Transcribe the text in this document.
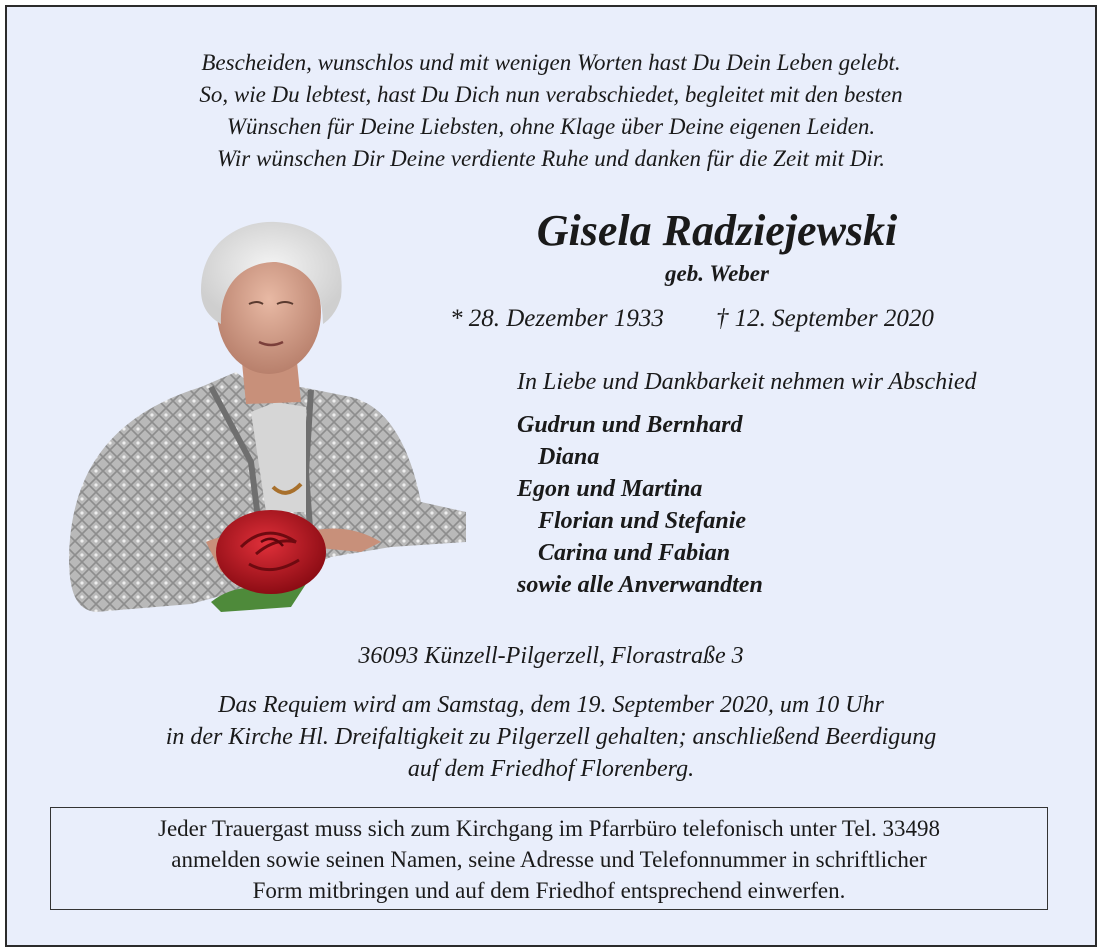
Bescheiden, wunschlos und mit wenigen Worten hast Du Dein Leben gelebt.
So, wie Du lebtest, hast Du Dich nun verabschiedet, begleitet mit den besten
Wünschen für Deine Liebsten, ohne Klage über Deine eigenen Leiden.
Wir wünschen Dir Deine verdiente Ruhe und danken für die Zeit mit Dir.
Gisela Radziejewski
geb. Weber
* 28. Dezember 1933 † 12. September 2020
In Liebe und Dankbarkeit nehmen wir Abschied
Gudrun und Bernhard
Diana
Egon und Martina
Florian und Stefanie
Carina und Fabian
sowie alle Anverwandten
36093 Künzell-Pilgerzell, Florastraße 3
Das Requiem wird am Samstag, dem 19. September 2020, um 10 Uhr
in der Kirche Hl. Dreifaltigkeit zu Pilgerzell gehalten; anschließend Beerdigung
auf dem Friedhof Florenberg.
Jeder Trauergast muss sich zum Kirchgang im Pfarrbüro telefonisch unter Tel. 33498
anmelden sowie seinen Namen, seine Adresse und Telefonnummer in schriftlicher
Form mitbringen und auf dem Friedhof entsprechend einwerfen.
